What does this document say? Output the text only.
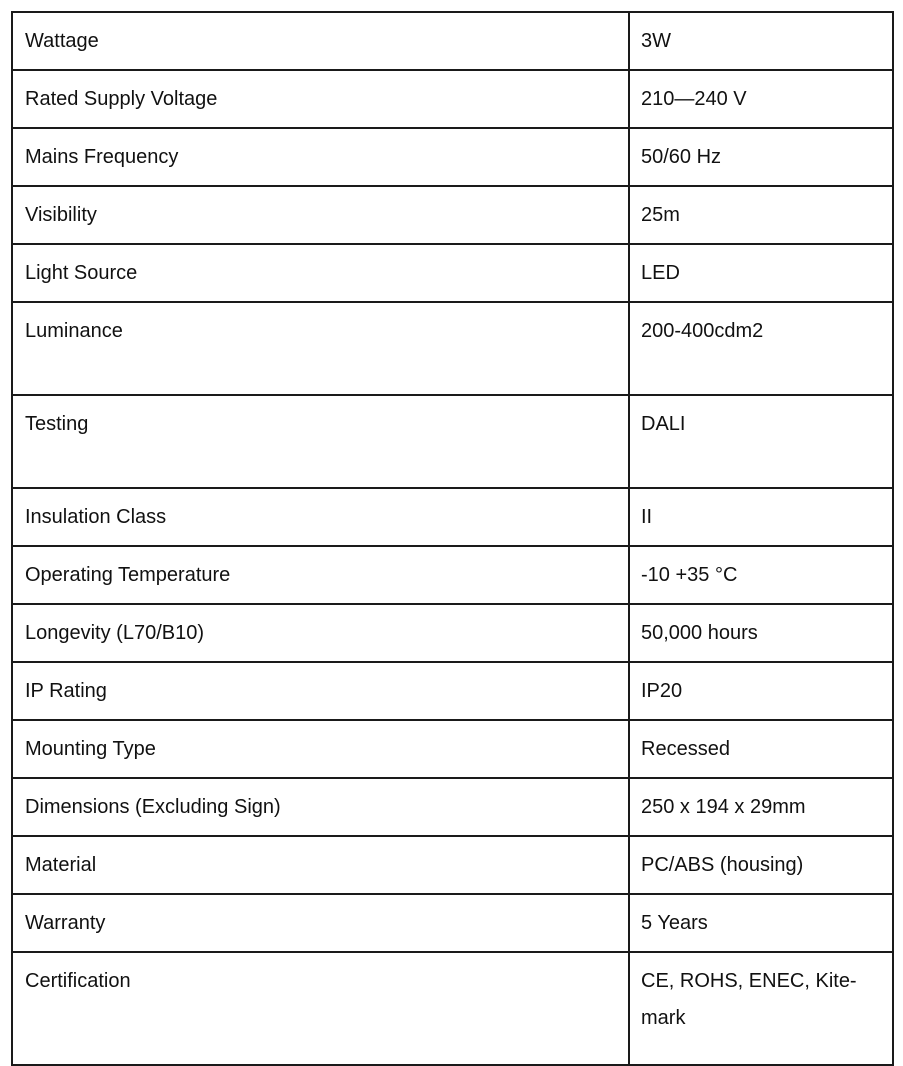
Wattage	3W
Rated Supply Voltage	210—240 V
Mains Frequency	50/60 Hz
Visibility	25m
Light Source	LED
Luminance	200-400cdm2
Testing	DALI
Insulation Class	II
Operating Temperature	-10 +35 °C
Longevity (L70/B10)	50,000 hours
IP Rating	IP20
Mounting Type	Recessed
Dimensions (Excluding Sign)	250 x 194 x 29mm
Material	PC/ABS (housing)
Warranty	5 Years
Certification	CE, ROHS, ENEC, Kite-mark
